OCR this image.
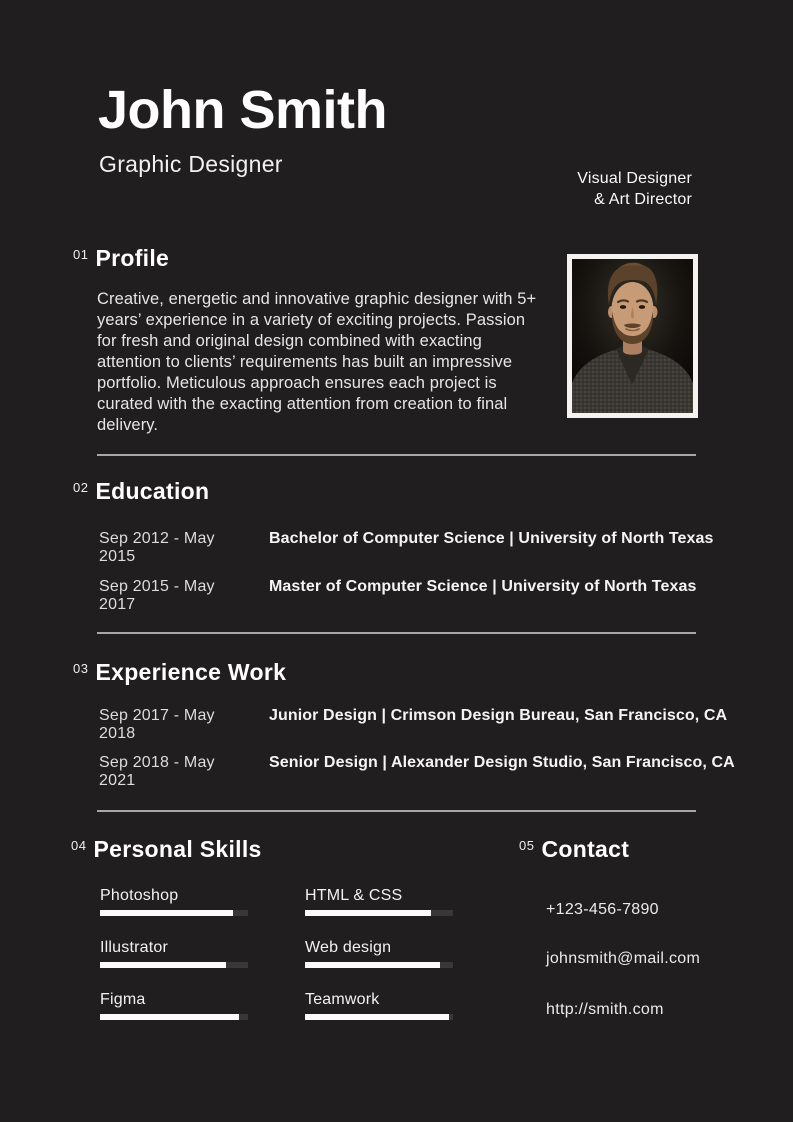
John Smith
Graphic Designer
Visual Designer
& Art Director
01 Profile

Creative, energetic and innovative graphic designer with 5+ years’ experience in a variety of exciting projects. Passion for fresh and original design combined with exacting attention to clients’ requirements has built an impressive portfolio. Meticulous approach ensures each project is curated with the exacting attention from creation to final delivery.

02 Education
Sep 2012 - May 2015
Bachelor of Computer Science | University of North Texas
Sep 2015 - May 2017
Master of Computer Science | University of North Texas
03 Experience Work
Sep 2017 - May 2018
Junior Design | Crimson Design Bureau, San Francisco, CA
Sep 2018 - May 2021
Senior Design | Alexander Design Studio, San Francisco, CA
04 Personal Skills
Photoshop
Illustrator
Figma
HTML & CSS
Web design
Teamwork
05 Contact
+123-456-7890
johnsmith@mail.com
http://smith.com
